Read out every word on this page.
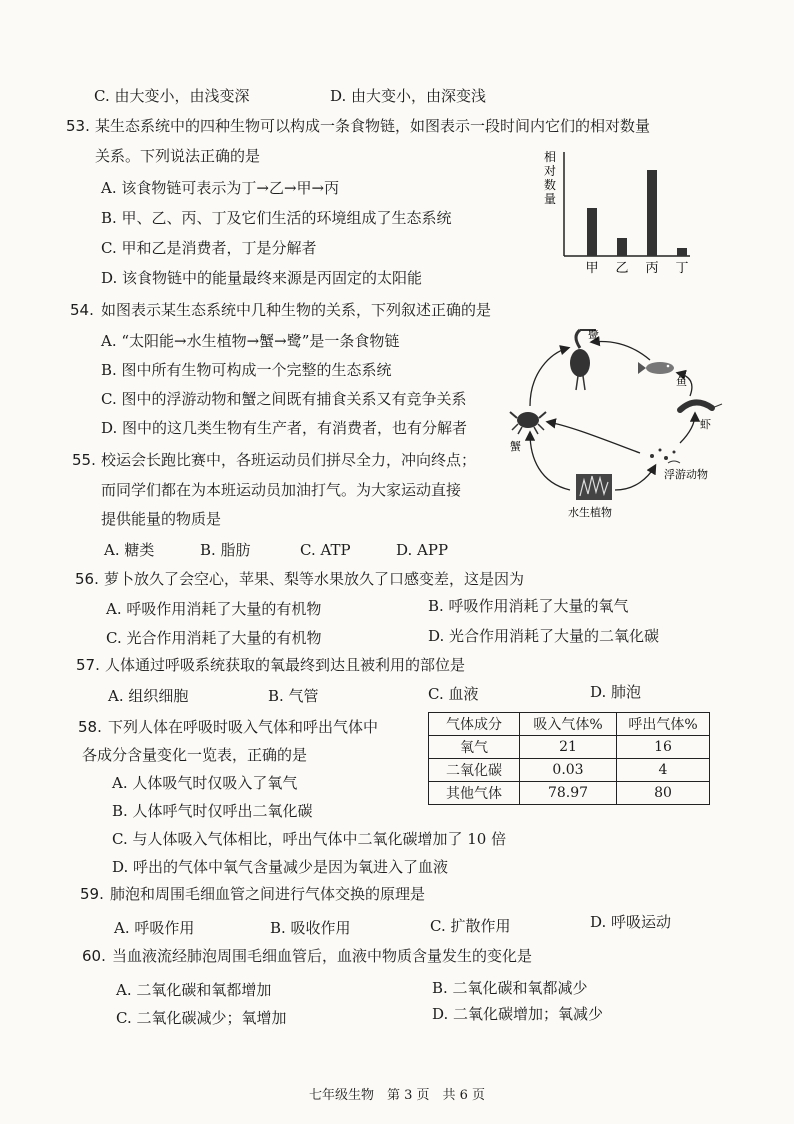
C. 由大变小，由浅变深	D. 由大变小，由深变浅
53. 某生态系统中的四种生物可以构成一条食物链，如图表示一段时间内它们的相对数量
关系。下列说法正确的是
A. 该食物链可表示为丁→乙→甲→丙
B. 甲、乙、丙、丁及它们生活的环境组成了生态系统
C. 甲和乙是消费者，丁是分解者
D. 该食物链中的能量最终来源是丙固定的太阳能
相
对
数
量
甲 乙 丙 丁
54. 如图表示某生态系统中几种生物的关系，下列叙述正确的是
A. “太阳能→水生植物→蟹→鹭”是一条食物链
B. 图中所有生物可构成一个完整的生态系统
C. 图中的浮游动物和蟹之间既有捕食关系又有竞争关系
D. 图中的这几类生物有生产者，有消费者，也有分解者
鹭
鱼
虾
蟹
浮游动物
水生植物
55. 校运会长跑比赛中，各班运动员们拼尽全力，冲向终点；
而同学们都在为本班运动员加油打气。为大家运动直接
提供能量的物质是
A. 糖类	B. 脂肪	C. ATP	D. APP
56. 萝卜放久了会空心，苹果、梨等水果放久了口感变差，这是因为
A. 呼吸作用消耗了大量的有机物	B. 呼吸作用消耗了大量的氧气
C. 光合作用消耗了大量的有机物	D. 光合作用消耗了大量的二氧化碳
57. 人体通过呼吸系统获取的氧最终到达且被利用的部位是
A. 组织细胞	B. 气管	C. 血液	D. 肺泡
58. 下列人体在呼吸时吸入气体和呼出气体中
各成分含量变化一览表，正确的是
A. 人体吸气时仅吸入了氧气
B. 人体呼气时仅呼出二氧化碳
C. 与人体吸入气体相比，呼出气体中二氧化碳增加了 10 倍
D. 呼出的气体中氧气含量减少是因为氧进入了血液
气体成分	吸入气体%	呼出气体%
氧气	21	16
二氧化碳	0.03	4
其他气体	78.97	80
59. 肺泡和周围毛细血管之间进行气体交换的原理是
A. 呼吸作用	B. 吸收作用	C. 扩散作用	D. 呼吸运动
60. 当血液流经肺泡周围毛细血管后，血液中物质含量发生的变化是
A. 二氧化碳和氧都增加	B. 二氧化碳和氧都减少
C. 二氧化碳减少；氧增加	D. 二氧化碳增加；氧减少
七年级生物　第 3 页　共 6 页
